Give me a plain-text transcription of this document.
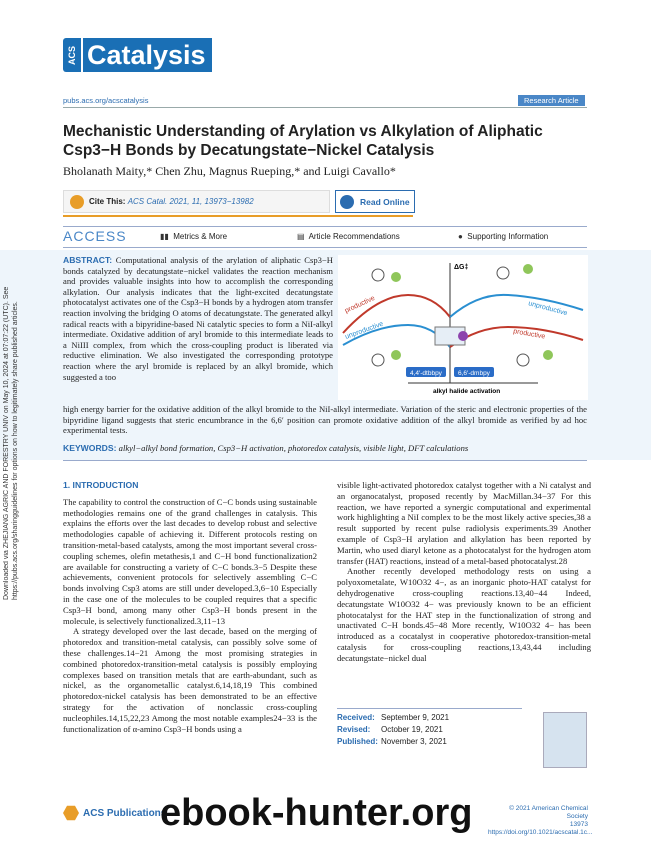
ACS Catalysis
pubs.acs.org/acscatalysis	Research Article
Mechanistic Understanding of Arylation vs Alkylation of Aliphatic Csp3−H Bonds by Decatungstate−Nickel Catalysis
Bholanath Maity,* Chen Zhu, Magnus Rueping,* and Luigi Cavallo*
Cite This:
ACS Catal. 2021, 11, 13973−13982	Read Online
ACCESS	▮▮ Metrics & More	▤ Article Recommendations	● Supporting Information
ABSTRACT: Computational analysis of the arylation of aliphatic Csp3−H bonds catalyzed by decatungstate−nickel validates the reaction mechanism and provides valuable insights into how to accomplish the corresponding alkylation. Our analysis indicates that the light-excited decatungstate photocatalyst activates one of the Csp3−H bonds by a hydrogen atom transfer reaction involving the bridging O atoms of decatungstate. The generated alkyl radical reacts with a bipyridine-based Ni catalytic species to form a NiI-alkyl intermediate. Oxidative addition of aryl bromide to this intermediate leads to a NiIII complex, from which the cross-coupling product is liberated via reductive elimination. We also investigated the corresponding prototype reaction where the aryl bromide is replaced by an alkyl bromide, which suggested a too
high energy barrier for the oxidative addition of the alkyl bromide to the NiI-alkyl intermediate. Variation of the steric and electronic properties of the bipyridine ligand suggests that steric encumbrance in the 6,6′ position can promote oxidative addition of the alkyl bromide as verified by ad hoc experimental tests.
ΔG‡
productive
unproductive
unproductive
productive
4,4′-dtbbpy 6,6′-dmbpy
alkyl halide activation
KEYWORDS: alkyl−alkyl bond formation, Csp3−H activation, photoredox catalysis, visible light, DFT calculations
1. INTRODUCTION

The capability to control the construction of C−C bonds using sustainable methodologies remains one of the grand challenges in catalysis. This explains the efforts over the last decades to develop robust and selective methodologies capable of achieving it. Different protocols resting on transition-metal-based catalysts, among the most important several cross-coupling schemes, olefin metathesis,1 and C−H bond functionalization2 are available for constructing a variety of C−C bonds.3−5 Despite these achievements, convenient protocols for selectively assembling C−C bonds involving Csp3 atoms are still under developed.3,6−10 Especially in the case one of the molecules to be coupled requires that a specific Csp3−H bond, among many other Csp3−H bonds present in the molecule, is selectively functionalized.3,11−13

A strategy developed over the last decade, based on the merging of photoredox and transition-metal catalysis, can possibly solve some of these challenges.14−21 Among the most promising strategies in combined photoredox-transition-metal catalysis is possibly employing complexes based on transition metals that are earth-abundant, such as nickel, as the organometallic catalyst.6,14,18,19 This combined photoredox-nickel catalysis has been demonstrated to be an effective strategy for the activation of nonclassic cross-coupling nucleophiles.14,15,22,23 Among the most notable examples24−33 is the functionalization of α-amino Csp3−H bonds using a

visible light-activated photoredox catalyst together with a Ni catalyst and an organocatalyst, proposed recently by MacMillan.34−37 For this reaction, we have reported a synergic computational and experimental work highlighting a NiI complex to be the most likely active species,38 a result supported by recent pulse radiolysis experiments.39 Another example of Csp3−H arylation and alkylation has been reported by Martin, who used diaryl ketone as a photocatalyst for the hydrogen atom transfer (HAT) reactions, instead of a metal-based photocatalyst.28

Another recently developed methodology rests on using a polyoxometalate, W10O32 4−, as an inorganic photo-HAT catalyst for dehydrogenative cross-coupling reactions.13,40−44 Indeed, decatungstate W10O32 4− was previously known to be an efficient photocatalyst for the HAT step in the functionalization of strong and unactivated C−H bonds.45−48 More recently, W10O32 4− has been introduced as a cocatalyst in cooperative photoredox-transition-metal catalysis for cross-coupling reactions,13,43,44 including decatungstate−nickel dual

Received: September 9, 2021
Revised: October 19, 2021
Published: November 3, 2021
Downloaded via ZHEJIANG AGRIC AND FORESTRY UNIV on May 10, 2024 at 07:07:22 (UTC). See https://pubs.acs.org/sharingguidelines for options on how to legitimately share published articles.
ACS Publications	© 2021 American Chemical Society
13973
https://doi.org/10.1021/acscatal.1c...
ebook-hunter.org
